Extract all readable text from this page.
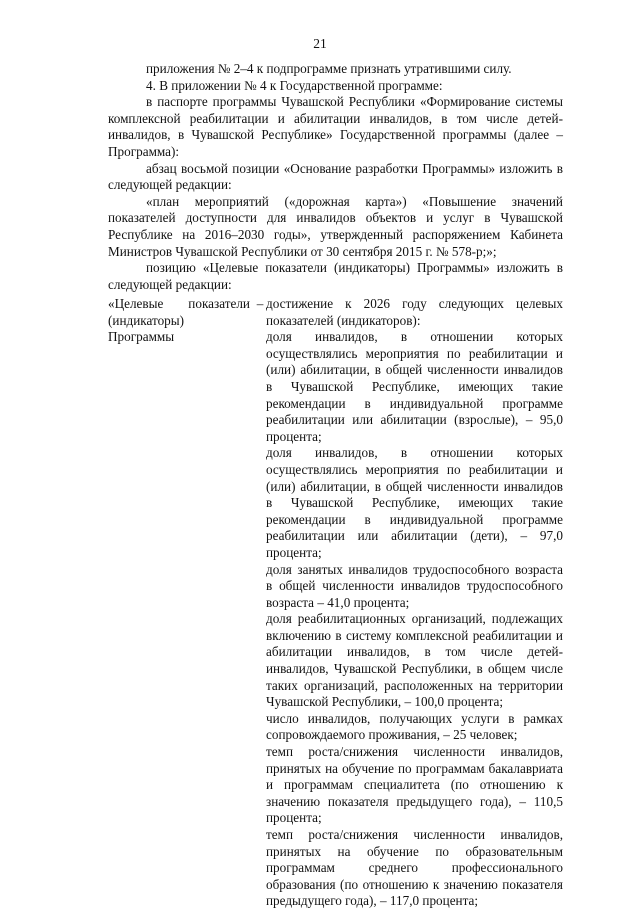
21

приложения № 2–4 к подпрограмме признать утратившими силу.

4. В приложении № 4 к Государственной программе:

в паспорте программы Чувашской Республики «Формирование системы комплексной реабилитации и абилитации инвалидов, в том числе детей-инвалидов, в Чувашской Республике» Государственной программы (далее – Программа):

абзац восьмой позиции «Основание разработки Программы» изложить в следующей редакции:

«план мероприятий («дорожная карта») «Повышение значений показателей доступности для инвалидов объектов и услуг в Чувашской Республике на 2016–2030 годы», утвержденный распоряжением Кабинета Министров Чувашской Республики от 30 сентября 2015 г. № 578-р;»;

позицию «Целевые показатели (индикаторы) Программы» изложить в следующей редакции:

«Целевые показатели (индикаторы) Программы
– достижение к 2026 году следующих целевых показателей (индикаторов):

доля инвалидов, в отношении которых осуществлялись мероприятия по реабилитации и (или) абилитации, в общей численности инвалидов в Чувашской Республике, имеющих такие рекомендации в индивидуальной программе реабилитации или абилитации (взрослые), – 95,0 процента;

доля инвалидов, в отношении которых осуществлялись мероприятия по реабилитации и (или) абилитации, в общей численности инвалидов в Чувашской Республике, имеющих такие рекомендации в индивидуальной программе реабилитации или абилитации (дети), – 97,0 процента;

доля занятых инвалидов трудоспособного возраста в общей численности инвалидов трудоспособного возраста – 41,0 процента;

доля реабилитационных организаций, подлежащих включению в систему комплексной реабилитации и абилитации инвалидов, в том числе детей-инвалидов, Чувашской Республики, в общем числе таких организаций, расположенных на территории Чувашской Республики, – 100,0 процента;

число инвалидов, получающих услуги в рамках сопровождаемого проживания, – 25 человек;

темп роста/снижения численности инвалидов, принятых на обучение по программам бакалавриата и программам специалитета (по отношению к значению показателя предыдущего года), – 110,5 процента;

темп роста/снижения численности инвалидов, принятых на обучение по образовательным программам среднего профессионального образования (по отношению к значению показателя предыдущего года), – 117,0 процента;
